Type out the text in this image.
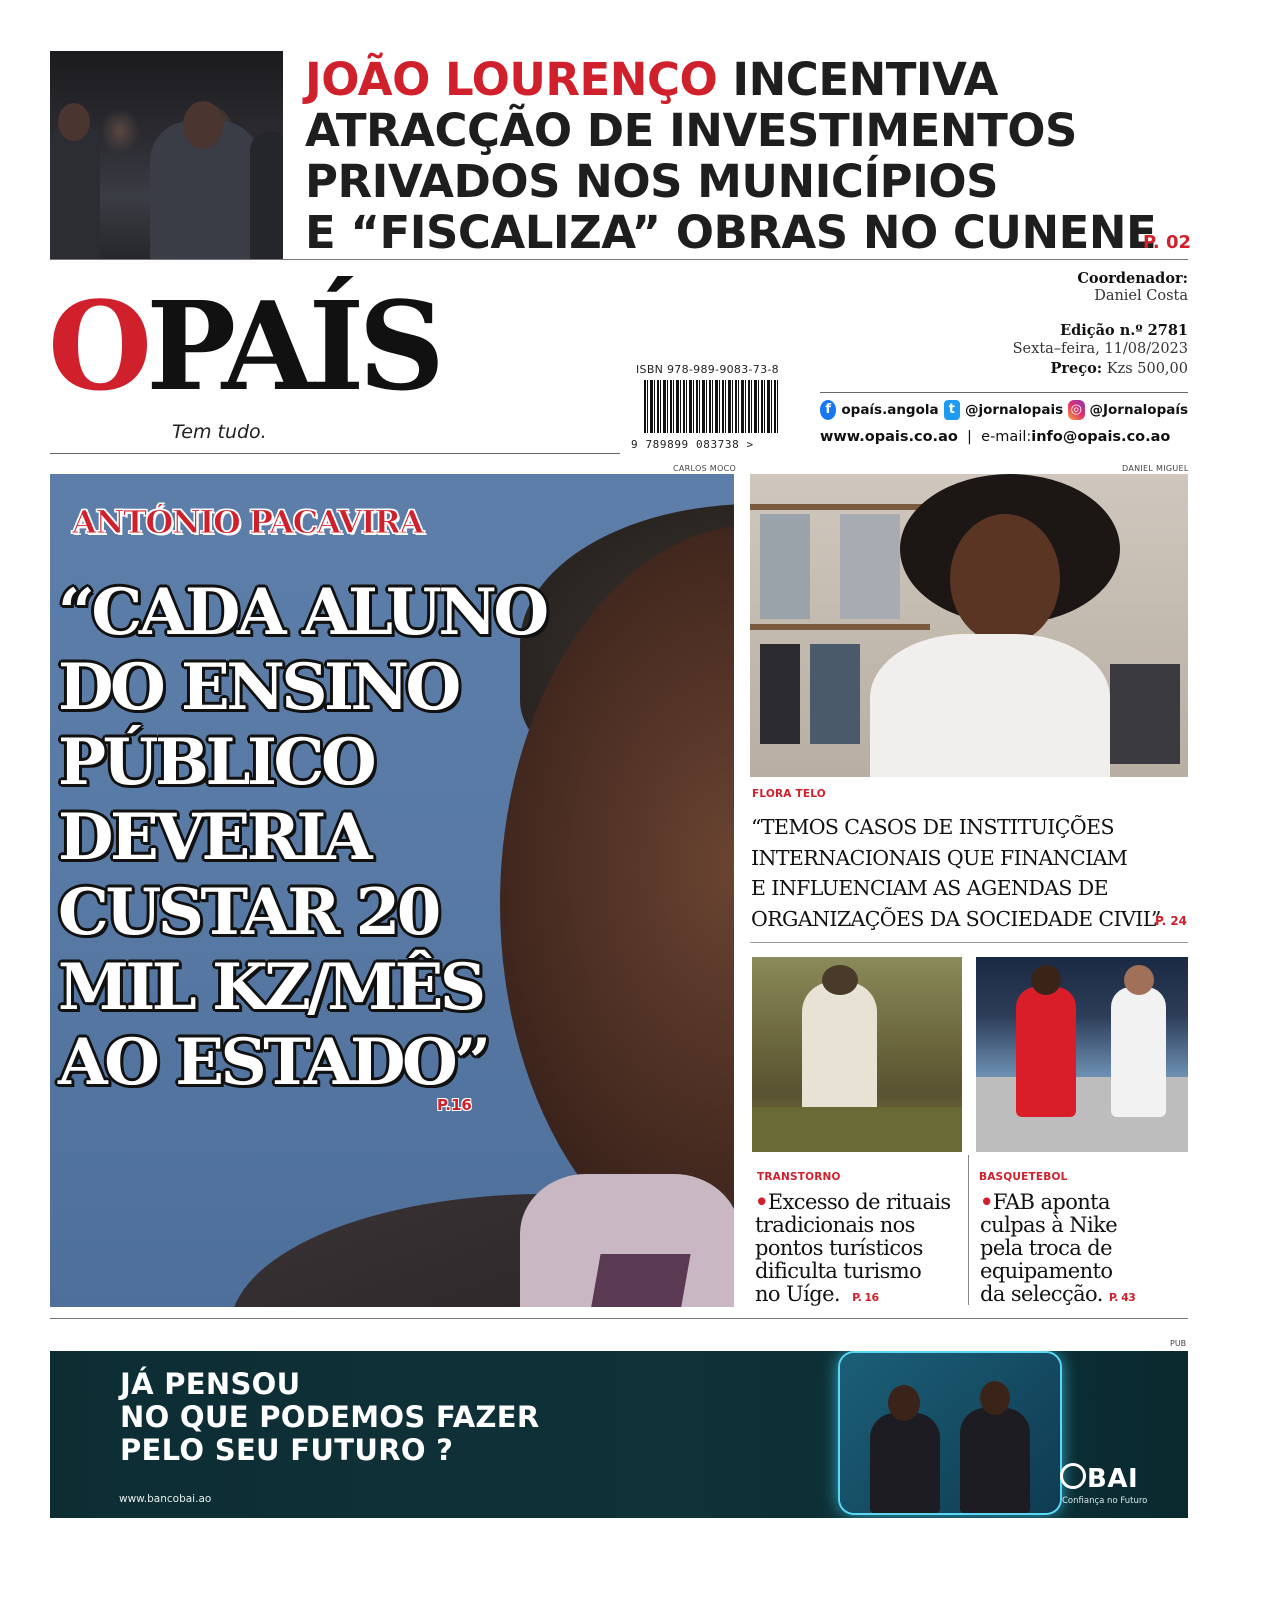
JOÃO LOURENÇO INCENTIVA
ATRACÇÃO DE INVESTIMENTOS
PRIVADOS NOS MUNICÍPIOS
E “FISCALIZA” OBRAS NO CUNENE
P. 02
OPAÍS
Tem tudo.
ISBN 978-989-9083-73-8
9 789899 083738 >
Coordenador:
Daniel Costa
Edição n.º 2781
Sexta–feira, 11/08/2023
Preço: Kzs 500,00
f opaís.angola t @jornalopais ◎ @Jornalopaís
www.opais.co.ao | e-mail:info@opais.co.ao
CARLOS MOCO
ANTÓNIO PACAVIRA
“CADA ALUNO
DO ENSINO
PÚBLICO
DEVERIA
CUSTAR 20
MIL KZ/MÊS
AO ESTADO”
P.16
DANIEL MIGUEL
FLORA TELO
“TEMOS CASOS DE INSTITUIÇÕES
INTERNACIONAIS QUE FINANCIAM
E INFLUENCIAM AS AGENDAS DE
ORGANIZAÇÕES DA SOCIEDADE CIVIL”
P. 24
TRANSTORNO
•Excesso de rituais
tradicionais nos
pontos turísticos
dificulta turismo
no Uíge. P. 16
BASQUETEBOL
•FAB aponta
culpas à Nike
pela troca de
equipamento
da selecção. P. 43
PUB
JÁ PENSOU
NO QUE PODEMOS FAZER
PELO SEU FUTURO ?
www.bancobai.ao
BAI
Confiança no Futuro
